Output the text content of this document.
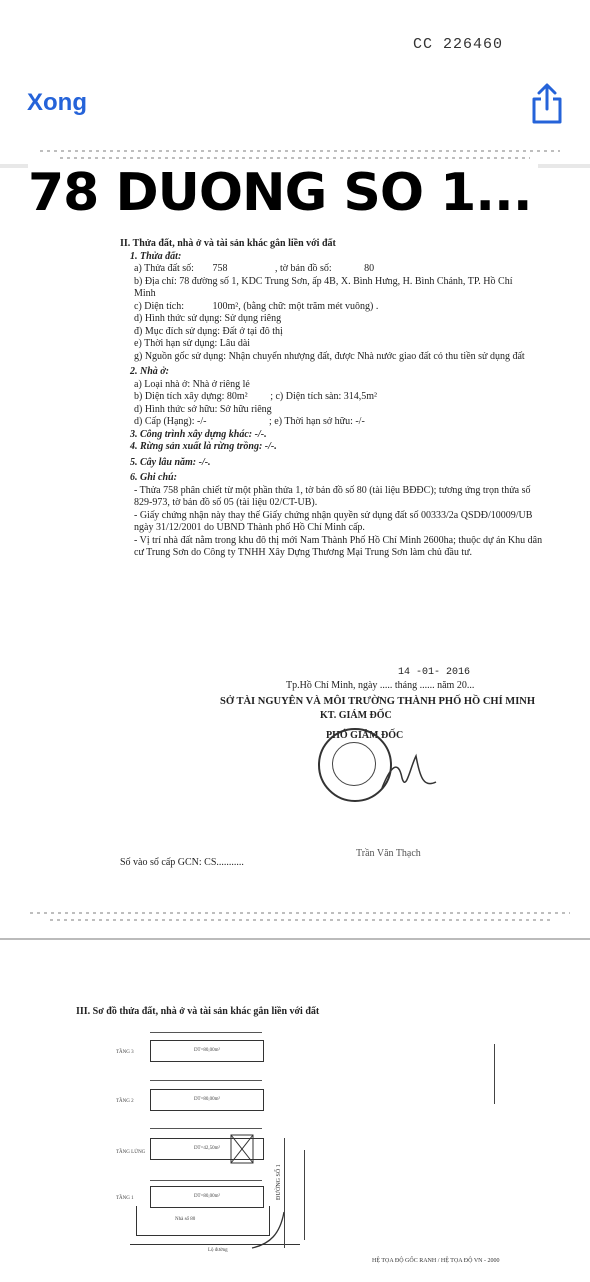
CC 226460
Xong
78 DUONG SO 1...
II. Thửa đất, nhà ở và tài sản khác gắn liền với đất
1. Thửa đất:
a) Thửa đất số: 758	, tờ bản đồ số:	80
b) Địa chỉ: 78 đường số 1, KDC Trung Sơn, ấp 4B, X. Bình Hưng, H. Bình Chánh, TP. Hồ Chí Minh
c) Diện tích:	100m², (bằng chữ: một trăm mét vuông) .
d) Hình thức sử dụng: Sử dụng riêng
đ) Mục đích sử dụng: Đất ở tại đô thị
e) Thời hạn sử dụng: Lâu dài
g) Nguồn gốc sử dụng: Nhận chuyển nhượng đất, được Nhà nước giao đất có thu tiền sử dụng đất
2. Nhà ở:
a) Loại nhà ở: Nhà ở riêng lẻ
b) Diện tích xây dựng: 80m² ; c) Diện tích sàn: 314,5m²
d) Hình thức sở hữu: Sở hữu riêng
d) Cấp (Hạng): -/-	; e) Thời hạn sở hữu: -/-
3. Công trình xây dựng khác: -/-.
4. Rừng sản xuất là rừng trồng: -/-.
5. Cây lâu năm: -/-.
6. Ghi chú:
- Thửa 758 phân chiết từ một phần thửa 1, tờ bản đồ số 80 (tài liệu BĐĐC); tương ứng trọn thửa số 829-973, tờ bản đồ số 05 (tài liệu 02/CT-UB).
- Giấy chứng nhận này thay thế Giấy chứng nhận quyền sử dụng đất số 00333/2a QSDĐ/10009/UB ngày 31/12/2001 do UBND Thành phố Hồ Chí Minh cấp.
- Vị trí nhà đất nằm trong khu đô thị mới Nam Thành Phố Hồ Chí Minh 2600ha; thuộc dự án Khu dân cư Trung Sơn do Công ty TNHH Xây Dựng Thương Mại Trung Sơn làm chủ đầu tư.
Tp.Hồ Chí Minh, ngày ..... tháng ...... năm 20...
14 -01- 2016
SỞ TÀI NGUYÊN VÀ MÔI TRƯỜNG THÀNH PHỐ HỒ CHÍ MINH
KT. GIÁM ĐỐC
PHÓ GIÁM ĐỐC
Trần Văn Thạch
Số vào sổ cấp GCN: CS...........
III. Sơ đồ thửa đất, nhà ở và tài sản khác gắn liền với đất
TẦNG 3	DT=80,00m²
TẦNG 2	DT=80,00m²
TẦNG LỬNG
DT=42,50m²
TẦNG 1	DT=80,00m²
Nhà số 80
Lộ đường
ĐƯỜNG SỐ 1
HỆ TỌA ĐỘ GỐC RANH / HỆ TỌA ĐỘ VN - 2000
